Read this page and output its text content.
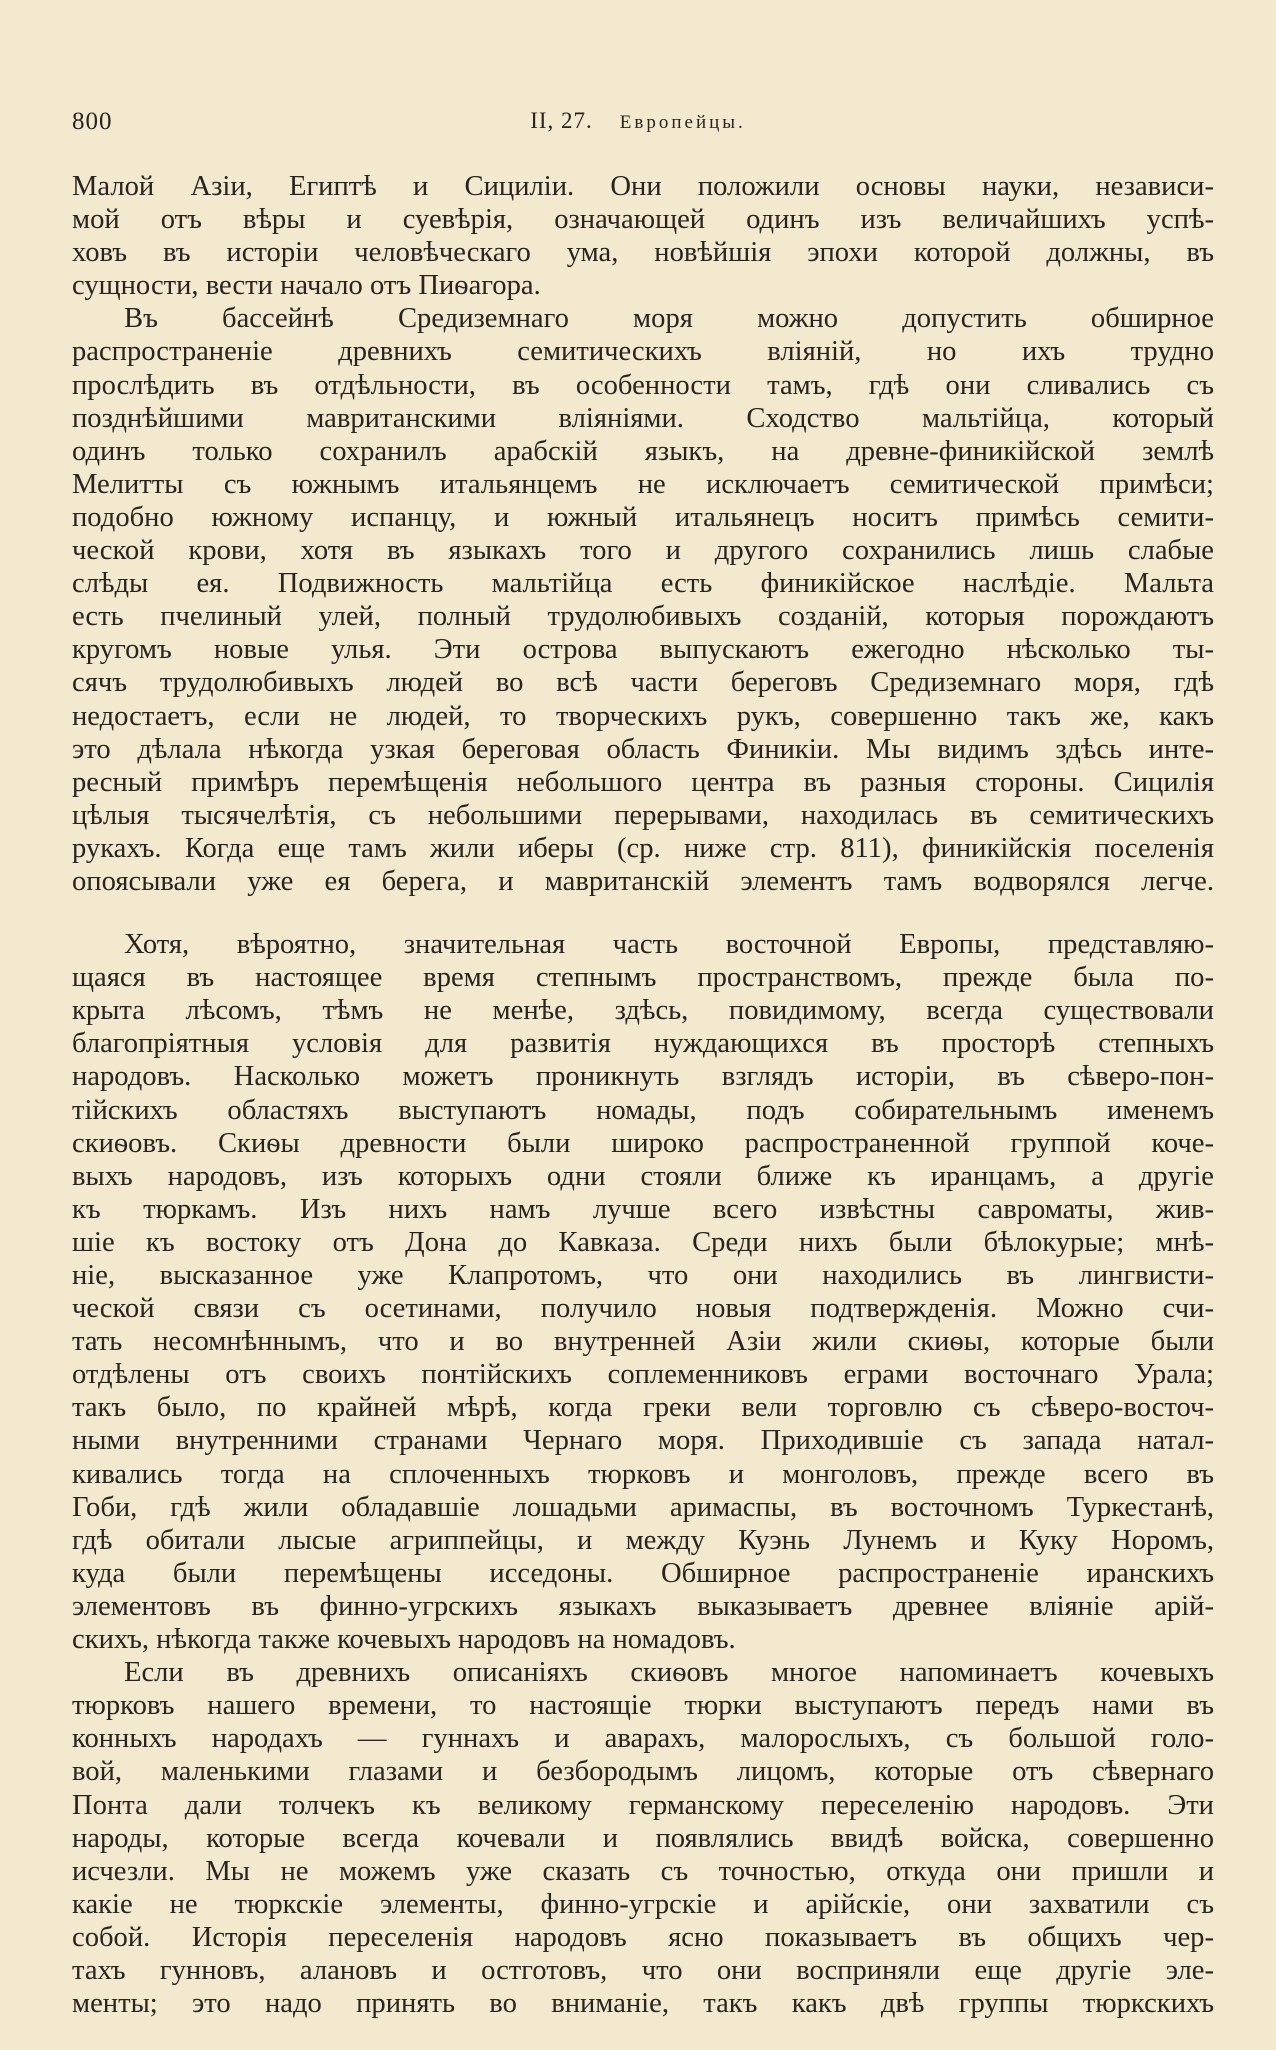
800	II, 27. Европейцы.
Малой Азіи, Египтѣ и Сициліи. Они положили основы науки, независи-
мой отъ вѣры и суевѣрія, означающей одинъ изъ величайшихъ успѣ-
ховъ въ исторіи человѣческаго ума, новѣйшія эпохи которой должны, въ
сущности, вести начало отъ Пиѳагора.
Въ бассейнѣ Средиземнаго моря можно допустить обширное
распространеніе древнихъ семитическихъ вліяній, но ихъ трудно
прослѣдить въ отдѣльности, въ особенности тамъ, гдѣ они сливались съ
позднѣйшими мавританскими вліяніями. Сходство мальтійца, который
одинъ только сохранилъ арабскій языкъ, на древне-финикійской землѣ
Мелитты съ южнымъ итальянцемъ не исключаетъ семитической примѣси;
подобно южному испанцу, и южный итальянецъ носитъ примѣсь семити-
ческой крови, хотя въ языкахъ того и другого сохранились лишь слабые
слѣды ея. Подвижность мальтійца есть финикійское наслѣдіе. Мальта
есть пчелиный улей, полный трудолюбивыхъ созданій, которыя порождаютъ
кругомъ новые улья. Эти острова выпускаютъ ежегодно нѣсколько ты-
сячъ трудолюбивыхъ людей во всѣ части береговъ Средиземнаго моря, гдѣ
недостаетъ, если не людей, то творческихъ рукъ, совершенно такъ же, какъ
это дѣлала нѣкогда узкая береговая область Финикіи. Мы видимъ здѣсь инте-
ресный примѣръ перемѣщенія небольшого центра въ разныя стороны. Сицилія
цѣлыя тысячелѣтія, съ небольшими перерывами, находилась въ семитическихъ
рукахъ. Когда еще тамъ жили иберы (ср. ниже стр. 811), финикійскія поселенія
опоясывали уже ея берега, и мавританскій элементъ тамъ водворялся легче.
Хотя, вѣроятно, значительная часть восточной Европы, представляю-
щаяся въ настоящее время степнымъ пространствомъ, прежде была по-
крыта лѣсомъ, тѣмъ не менѣе, здѣсь, повидимому, всегда существовали
благопріятныя условія для развитія нуждающихся въ просторѣ степныхъ
народовъ. Насколько можетъ проникнуть взглядъ исторіи, въ сѣверо-пон-
тійскихъ областяхъ выступаютъ номады, подъ собирательнымъ именемъ
скиѳовъ. Скиѳы древности были широко распространенной группой коче-
выхъ народовъ, изъ которыхъ одни стояли ближе къ иранцамъ, а другіе
къ тюркамъ. Изъ нихъ намъ лучше всего извѣстны савроматы, жив-
шіе къ востоку отъ Дона до Кавказа. Среди нихъ были бѣлокурые; мнѣ-
ніе, высказанное уже Клапротомъ, что они находились въ лингвисти-
ческой связи съ осетинами, получило новыя подтвержденія. Можно счи-
тать несомнѣннымъ, что и во внутренней Азіи жили скиѳы, которые были
отдѣлены отъ своихъ понтійскихъ соплеменниковъ еграми восточнаго Урала;
такъ было, по крайней мѣрѣ, когда греки вели торговлю съ сѣверо-восточ-
ными внутренними странами Чернаго моря. Приходившіе съ запада натал-
кивались тогда на сплоченныхъ тюрковъ и монголовъ, прежде всего въ
Гоби, гдѣ жили обладавшіе лошадьми аримаспы, въ восточномъ Туркестанѣ,
гдѣ обитали лысые агриппейцы, и между Куэнь Лунемъ и Куку Норомъ,
куда были перемѣщены исседоны. Обширное распространеніе иранскихъ
элементовъ въ финно-угрскихъ языкахъ выказываетъ древнее вліяніе арій-
скихъ, нѣкогда также кочевыхъ народовъ на номадовъ.
Если въ древнихъ описаніяхъ скиѳовъ многое напоминаетъ кочевыхъ
тюрковъ нашего времени, то настоящіе тюрки выступаютъ передъ нами въ
конныхъ народахъ — гуннахъ и аварахъ, малорослыхъ, съ большой голо-
вой, маленькими глазами и безбородымъ лицомъ, которые отъ сѣвернаго
Понта дали толчекъ къ великому германскому переселенію народовъ. Эти
народы, которые всегда кочевали и появлялись ввидѣ войска, совершенно
исчезли. Мы не можемъ уже сказать съ точностью, откуда они пришли и
какіе не тюркскіе элементы, финно-угрскіе и арійскіе, они захватили съ
собой. Исторія переселенія народовъ ясно показываетъ въ общихъ чер-
тахъ гунновъ, алановъ и остготовъ, что они восприняли еще другіе эле-
менты; это надо принять во вниманіе, такъ какъ двѣ группы тюркскихъ
